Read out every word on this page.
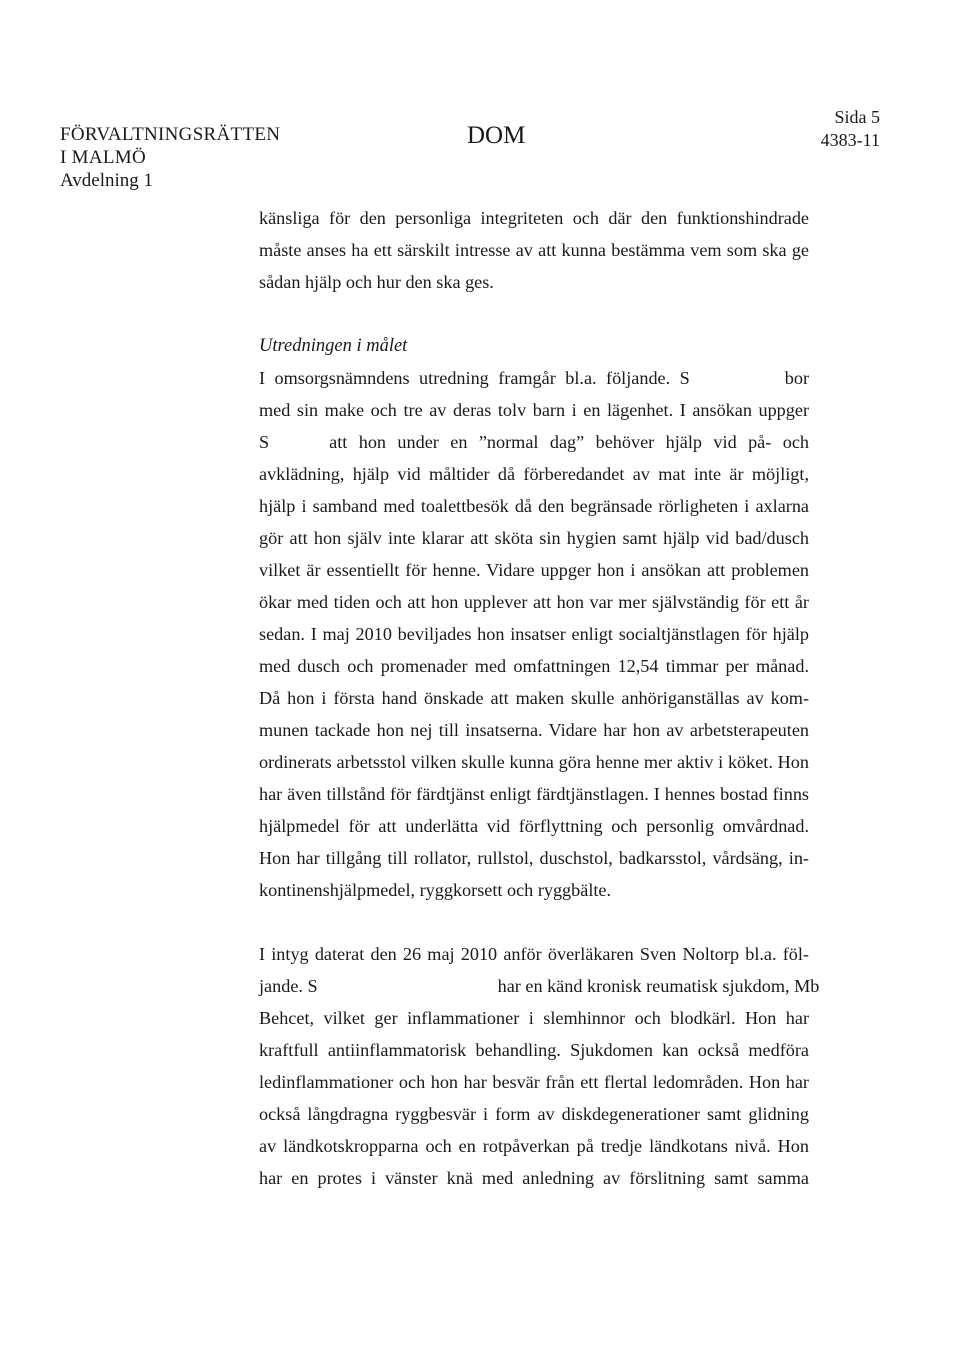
FÖRVALTNINGSRÄTTEN
I MALMÖ
Avdelning 1
DOM
Sida 5
4383-11
känsliga för den personliga integriteten och där den funktionshindrade
måste anses ha ett särskilt intresse av att kunna bestämma vem som ska ge
sådan hjälp och hur den ska ges.
Utredningen i målet
I omsorgsnämndens utredning framgår bl.a. följande. S	bor
med sin make och tre av deras tolv barn i en lägenhet. I ansökan uppger
S	att hon under en ”normal dag” behöver hjälp vid på- och
avklädning, hjälp vid måltider då förberedandet av mat inte är möjligt,
hjälp i samband med toalettbesök då den begränsade rörligheten i axlarna
gör att hon själv inte klarar att sköta sin hygien samt hjälp vid bad/dusch
vilket är essentiellt för henne. Vidare uppger hon i ansökan att problemen
ökar med tiden och att hon upplever att hon var mer självständig för ett år
sedan. I maj 2010 beviljades hon insatser enligt socialtjänstlagen för hjälp
med dusch och promenader med omfattningen 12,54 timmar per månad.
Då hon i första hand önskade att maken skulle anhöriganställas av kom-
munen tackade hon nej till insatserna. Vidare har hon av arbetsterapeuten
ordinerats arbetsstol vilken skulle kunna göra henne mer aktiv i köket. Hon
har även tillstånd för färdtjänst enligt färdtjänstlagen. I hennes bostad finns
hjälpmedel för att underlätta vid förflyttning och personlig omvårdnad.
Hon har tillgång till rollator, rullstol, duschstol, badkarsstol, vårdsäng, in-
kontinenshjälpmedel, ryggkorsett och ryggbälte.
I intyg daterat den 26 maj 2010 anför överläkaren Sven Noltorp bl.a. föl-
jande. S	har en känd kronisk reumatisk sjukdom, Mb
Behcet, vilket ger inflammationer i slemhinnor och blodkärl. Hon har
kraftfull antiinflammatorisk behandling. Sjukdomen kan också medföra
ledinflammationer och hon har besvär från ett flertal ledområden. Hon har
också långdragna ryggbesvär i form av diskdegenerationer samt glidning
av ländkotskropparna och en rotpåverkan på tredje ländkotans nivå. Hon
har en protes i vänster knä med anledning av förslitning samt samma
